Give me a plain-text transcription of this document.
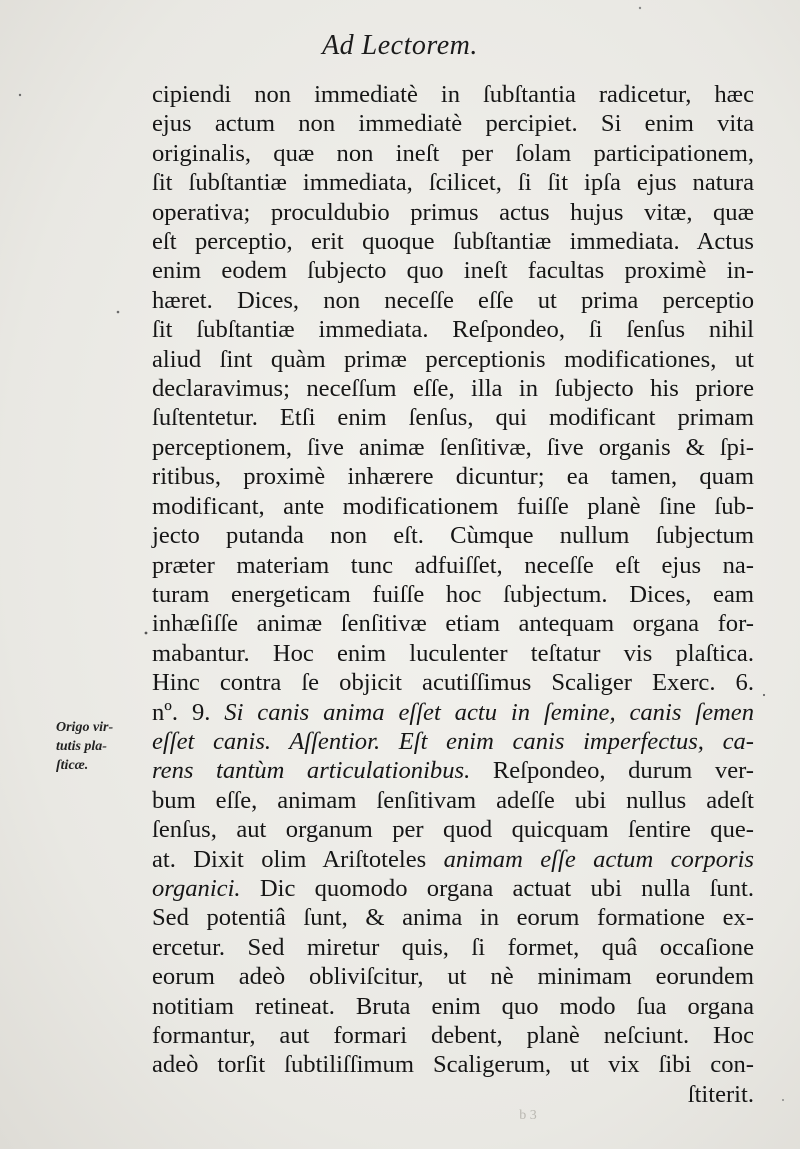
Ad Lectorem.
cipiendi non immediatè in ſubſtantia radicetur, hæc
ejus actum non immediatè percipiet. Si enim vita
originalis, quæ non ineſt per ſolam participationem,
ſit ſubſtantiæ immediata, ſcilicet, ſi ſit ipſa ejus natura
operativa; proculdubio primus actus hujus vitæ, quæ
eſt perceptio, erit quoque ſubſtantiæ immediata. Actus
enim eodem ſubjecto quo ineſt facultas proximè in-
hæret. Dices, non neceſſe eſſe ut prima perceptio
ſit ſubſtantiæ immediata. Reſpondeo, ſi ſenſus nihil
aliud ſint quàm primæ perceptionis modificationes, ut
declaravimus; neceſſum eſſe, illa in ſubjecto his priore
ſuſtentetur. Etſi enim ſenſus, qui modificant primam
perceptionem, ſive animæ ſenſitivæ, ſive organis & ſpi-
ritibus, proximè inhærere dicuntur; ea tamen, quam
modificant, ante modificationem fuiſſe planè ſine ſub-
jecto putanda non eſt. Cùmque nullum ſubjectum
præter materiam tunc adfuiſſet, neceſſe eſt ejus na-
turam energeticam fuiſſe hoc ſubjectum. Dices, eam
inhæſiſſe animæ ſenſitivæ etiam antequam organa for-
mabantur. Hoc enim luculenter teſtatur vis plaſtica.
Hinc contra ſe objicit acutiſſimus Scaliger Exerc. 6.
nº. 9. Si canis anima eſſet actu in ſemine, canis ſemen
eſſet canis. Aſſentior. Eſt enim canis imperfectus, ca-
rens tantùm articulationibus. Reſpondeo, durum ver-
bum eſſe, animam ſenſitivam adeſſe ubi nullus adeſt
ſenſus, aut organum per quod quicquam ſentire que-
at. Dixit olim Ariſtoteles animam eſſe actum corporis
organici. Dic quomodo organa actuat ubi nulla ſunt.
Sed potentiâ ſunt, & anima in eorum formatione ex-
ercetur. Sed miretur quis, ſi formet, quâ occaſione
eorum adeò obliviſcitur, ut nè minimam eorundem
notitiam retineat. Bruta enim quo modo ſua organa
formantur, aut formari debent, planè neſciunt. Hoc
adeò torſit ſubtiliſſimum Scaligerum, ut vix ſibi con-
ſtiterit.
Origo vir-
tutis pla-
ſticæ.
b 3
